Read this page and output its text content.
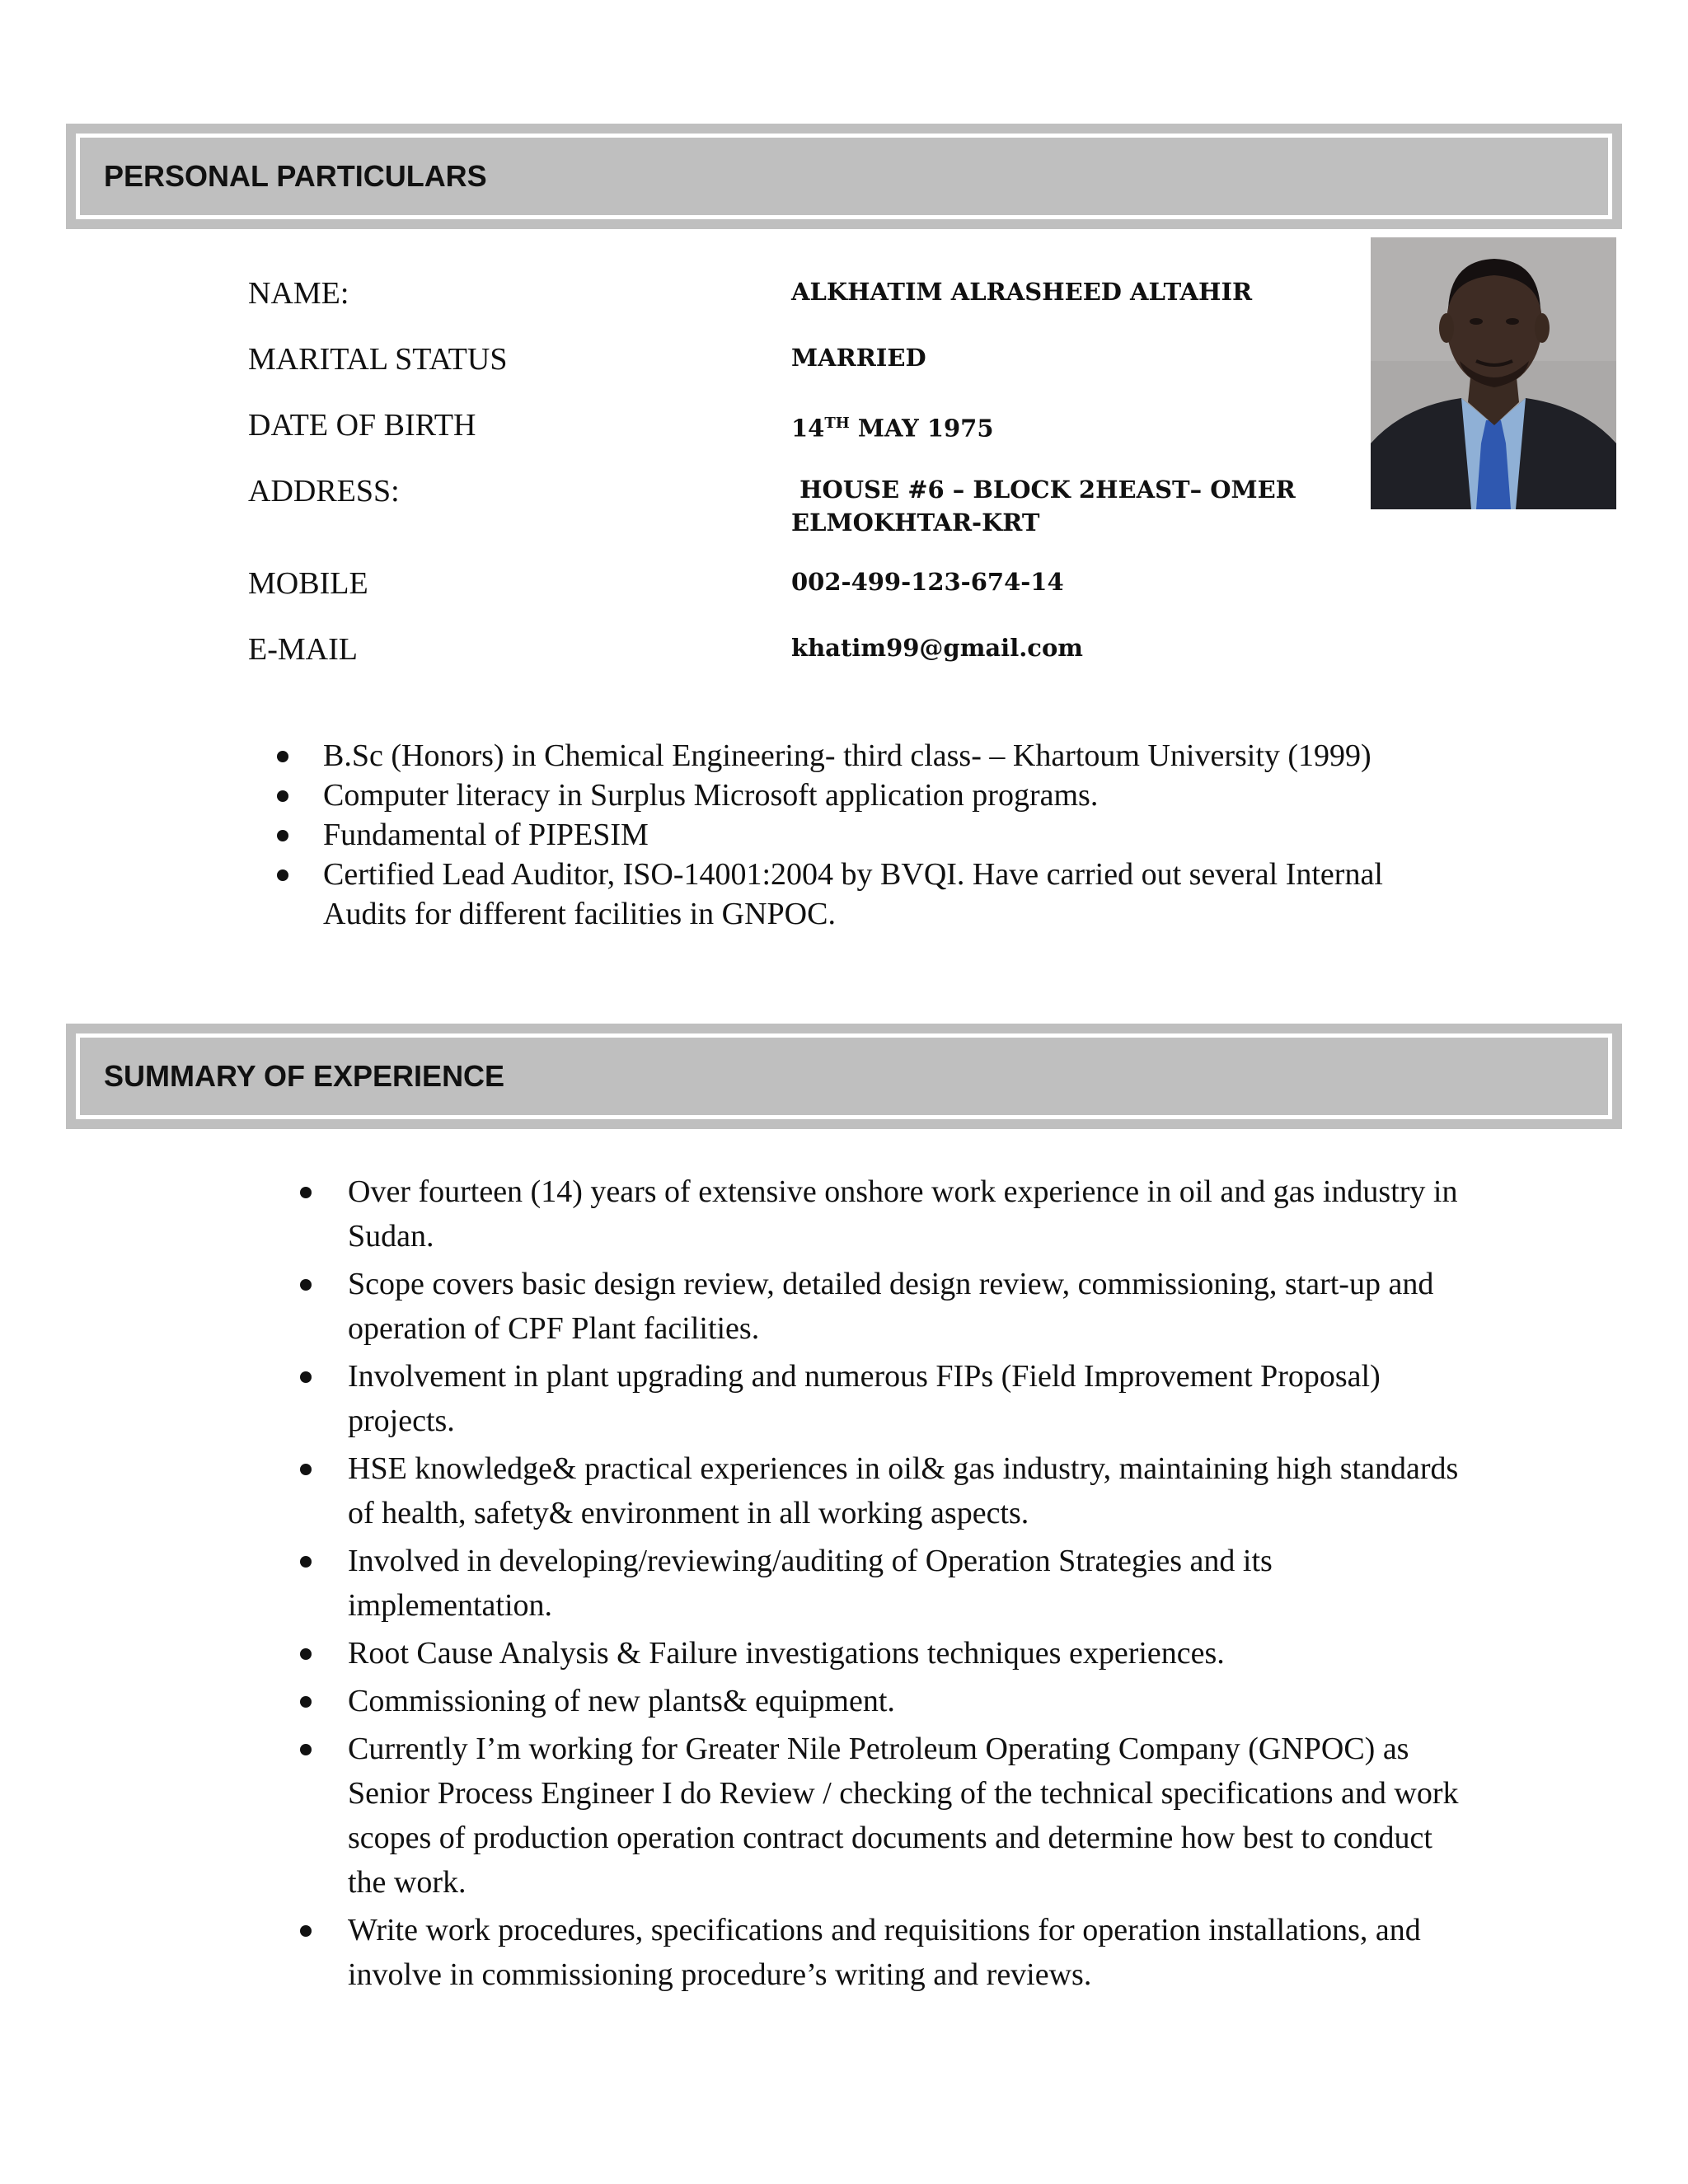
PERSONAL PARTICULARS
NAME:	ALKHATIM ALRASHEED ALTAHIR
MARITAL STATUS	MARRIED
DATE OF BIRTH	14TH MAY 1975
ADDRESS:	HOUSE #6 – BLOCK 2HEAST– OMER
ELMOKHTAR-KRT
MOBILE	002-499-123-674-14
E-MAIL	khatim99@gmail.com
B.Sc (Honors) in Chemical Engineering- third class- – Khartoum University (1999)
Computer literacy in Surplus Microsoft application programs.
Fundamental of PIPESIM
Certified Lead Auditor, ISO-14001:2004 by BVQI. Have carried out several Internal Audits for different facilities in GNPOC.
SUMMARY OF EXPERIENCE
Over fourteen (14) years of extensive onshore work experience in oil and gas industry in Sudan.
Scope covers basic design review, detailed design review, commissioning, start-up and operation of CPF Plant facilities.
Involvement in plant upgrading and numerous FIPs (Field Improvement Proposal) projects.
HSE knowledge& practical experiences in oil& gas industry, maintaining high standards of health, safety& environment in all working aspects.
Involved in developing/reviewing/auditing of Operation Strategies and its implementation.
Root Cause Analysis & Failure investigations techniques experiences.
Commissioning of new plants& equipment.
Currently I’m working for Greater Nile Petroleum Operating Company (GNPOC) as Senior Process Engineer I do Review / checking of the technical specifications and work scopes of production operation contract documents and determine how best to conduct the work.
Write work procedures, specifications and requisitions for operation installations, and involve in commissioning procedure’s writing and reviews.
